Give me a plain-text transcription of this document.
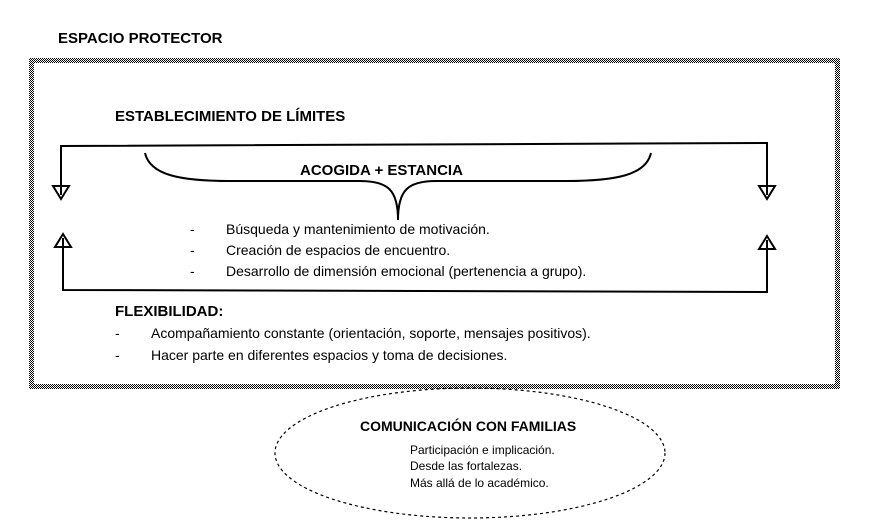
ESPACIO PROTECTOR
ESTABLECIMIENTO DE LÍMITES
ACOGIDA + ESTANCIA
- Búsqueda y mantenimiento de motivación.
- Creación de espacios de encuentro.
- Desarrollo de dimensión emocional (pertenencia a grupo).
FLEXIBILIDAD:
- Acompañamiento constante (orientación, soporte, mensajes positivos).
- Hacer parte en diferentes espacios y toma de decisiones.
COMUNICACIÓN CON FAMILIAS
Participación e implicación.
Desde las fortalezas.
Más allá de lo académico.
